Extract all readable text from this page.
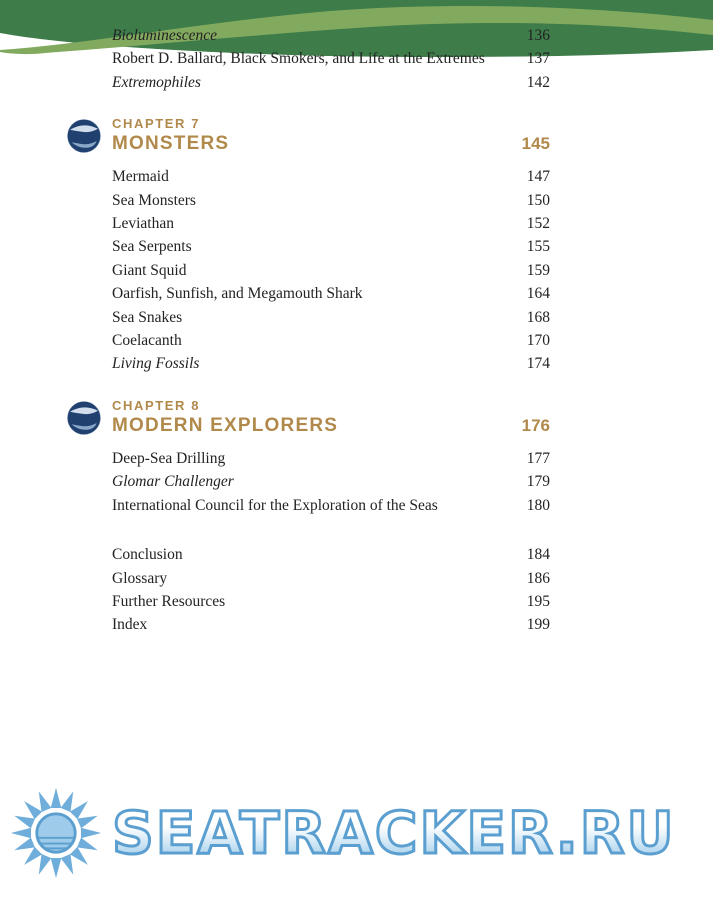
Bioluminescence	136
Robert D. Ballard, Black Smokers, and Life at the Extremes	137
Extremophiles	142
CHAPTER 7
MONSTERS	145
Mermaid	147
Sea Monsters	150
Leviathan	152
Sea Serpents	155
Giant Squid	159
Oarfish, Sunfish, and Megamouth Shark	164
Sea Snakes	168
Coelacanth	170
Living Fossils	174
CHAPTER 8
MODERN EXPLORERS	176
Deep-Sea Drilling	177
Glomar Challenger	179
International Council for the Exploration of the Seas	180
Conclusion	184
Glossary	186
Further Resources	195
Index	199
SEATRACKER.RU
